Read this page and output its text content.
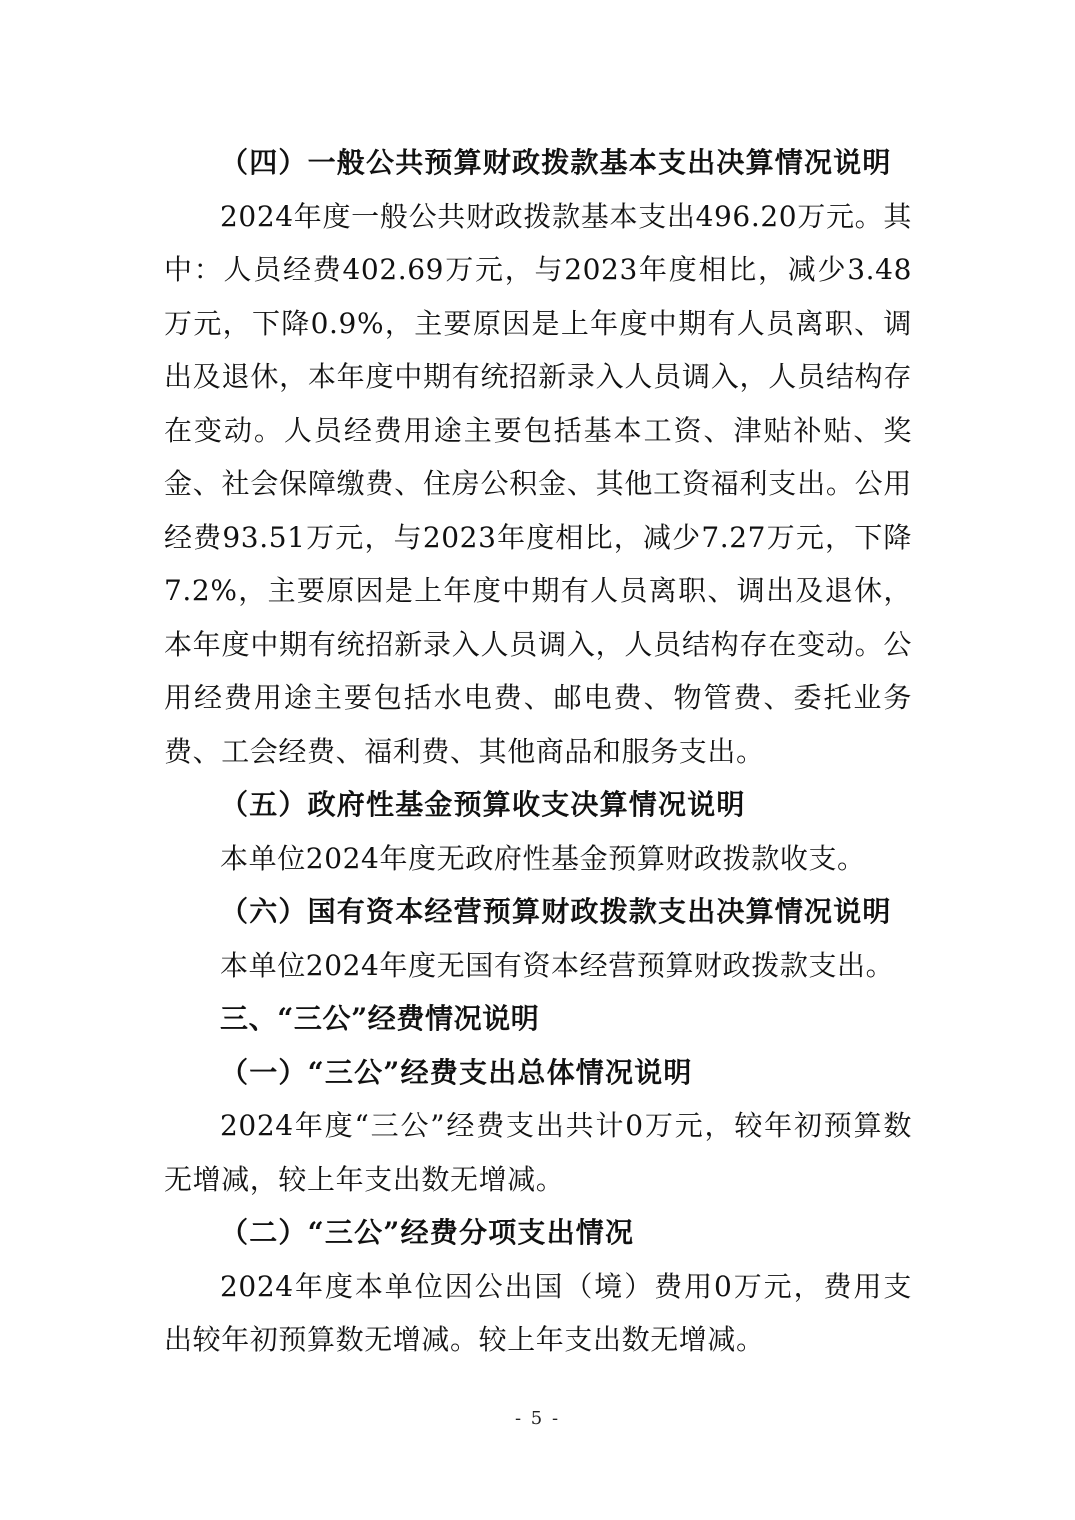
（四）一般公共预算财政拨款基本支出决算情况说明

2024年度一般公共财政拨款基本支出496.20万元。其中：人员经费402.69万元，与2023年度相比，减少3.48万元，下降0.9%，主要原因是上年度中期有人员离职、调出及退休，本年度中期有统招新录入人员调入，人员结构存在变动。人员经费用途主要包括基本工资、津贴补贴、奖金、社会保障缴费、住房公积金、其他工资福利支出。公用经费93.51万元，与2023年度相比，减少7.27万元，下降7.2%，主要原因是上年度中期有人员离职、调出及退休，本年度中期有统招新录入人员调入，人员结构存在变动。公用经费用途主要包括水电费、邮电费、物管费、委托业务费、工会经费、福利费、其他商品和服务支出。

（五）政府性基金预算收支决算情况说明

本单位2024年度无政府性基金预算财政拨款收支。

（六）国有资本经营预算财政拨款支出决算情况说明

本单位2024年度无国有资本经营预算财政拨款支出。

三、“三公”经费情况说明

（一）“三公”经费支出总体情况说明

2024年度“三公”经费支出共计0万元，较年初预算数无增减，较上年支出数无增减。

（二）“三公”经费分项支出情况

2024年度本单位因公出国（境）费用0万元，费用支出较年初预算数无增减。较上年支出数无增减。

- 5 -
